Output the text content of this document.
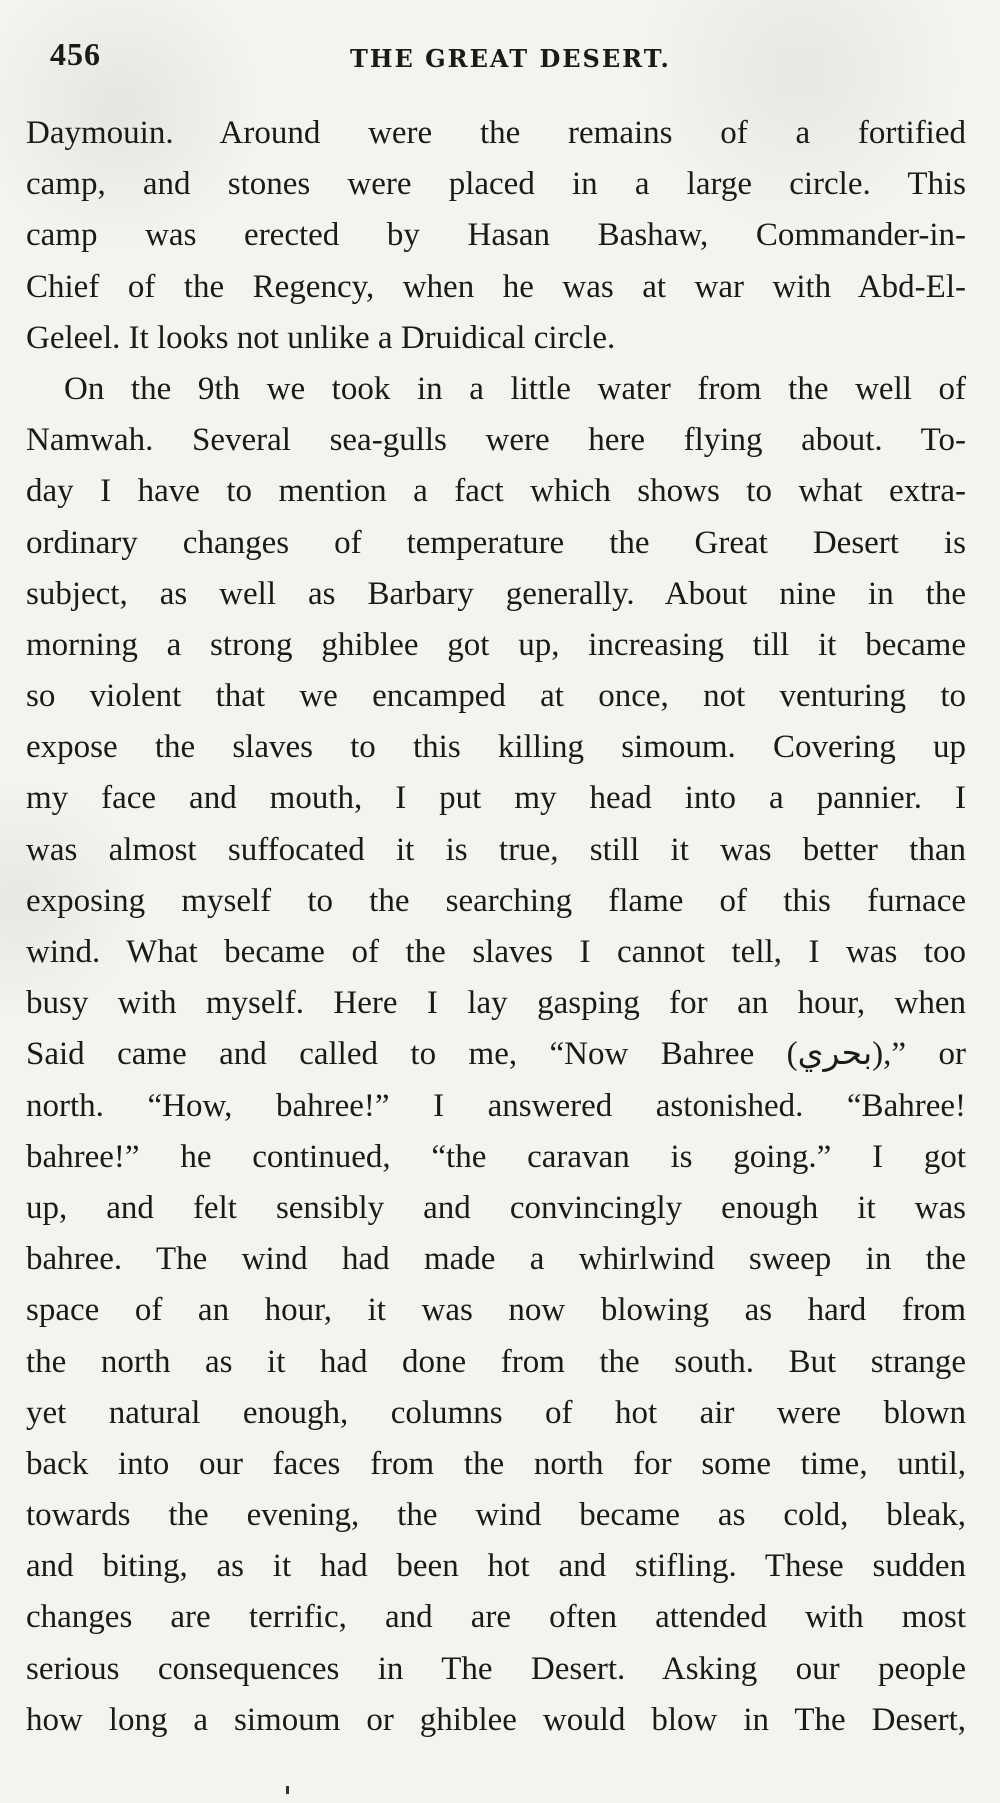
456	THE GREAT DESERT.
Daymouin. Around were the remains of a fortified
camp, and stones were placed in a large circle. This
camp was erected by Hasan Bashaw, Commander-in-
Chief of the Regency, when he was at war with Abd-El-
Geleel. It looks not unlike a Druidical circle.
On the 9th we took in a little water from the well of
Namwah. Several sea-gulls were here flying about. To-
day I have to mention a fact which shows to what extra-
ordinary changes of temperature the Great Desert is
subject, as well as Barbary generally. About nine in the
morning a strong ghiblee got up, increasing till it became
so violent that we encamped at once, not venturing to
expose the slaves to this killing simoum. Covering up
my face and mouth, I put my head into a pannier. I
was almost suffocated it is true, still it was better than
exposing myself to the searching flame of this furnace
wind. What became of the slaves I cannot tell, I was too
busy with myself. Here I lay gasping for an hour, when
Said came and called to me, “Now Bahree (بحري),” or
north. “How, bahree!” I answered astonished. “Bahree!
bahree!” he continued, “the caravan is going.” I got
up, and felt sensibly and convincingly enough it was
bahree. The wind had made a whirlwind sweep in the
space of an hour, it was now blowing as hard from
the north as it had done from the south. But strange
yet natural enough, columns of hot air were blown
back into our faces from the north for some time, until,
towards the evening, the wind became as cold, bleak,
and biting, as it had been hot and stifling. These sudden
changes are terrific, and are often attended with most
serious consequences in The Desert. Asking our people
how long a simoum or ghiblee would blow in The Desert,
